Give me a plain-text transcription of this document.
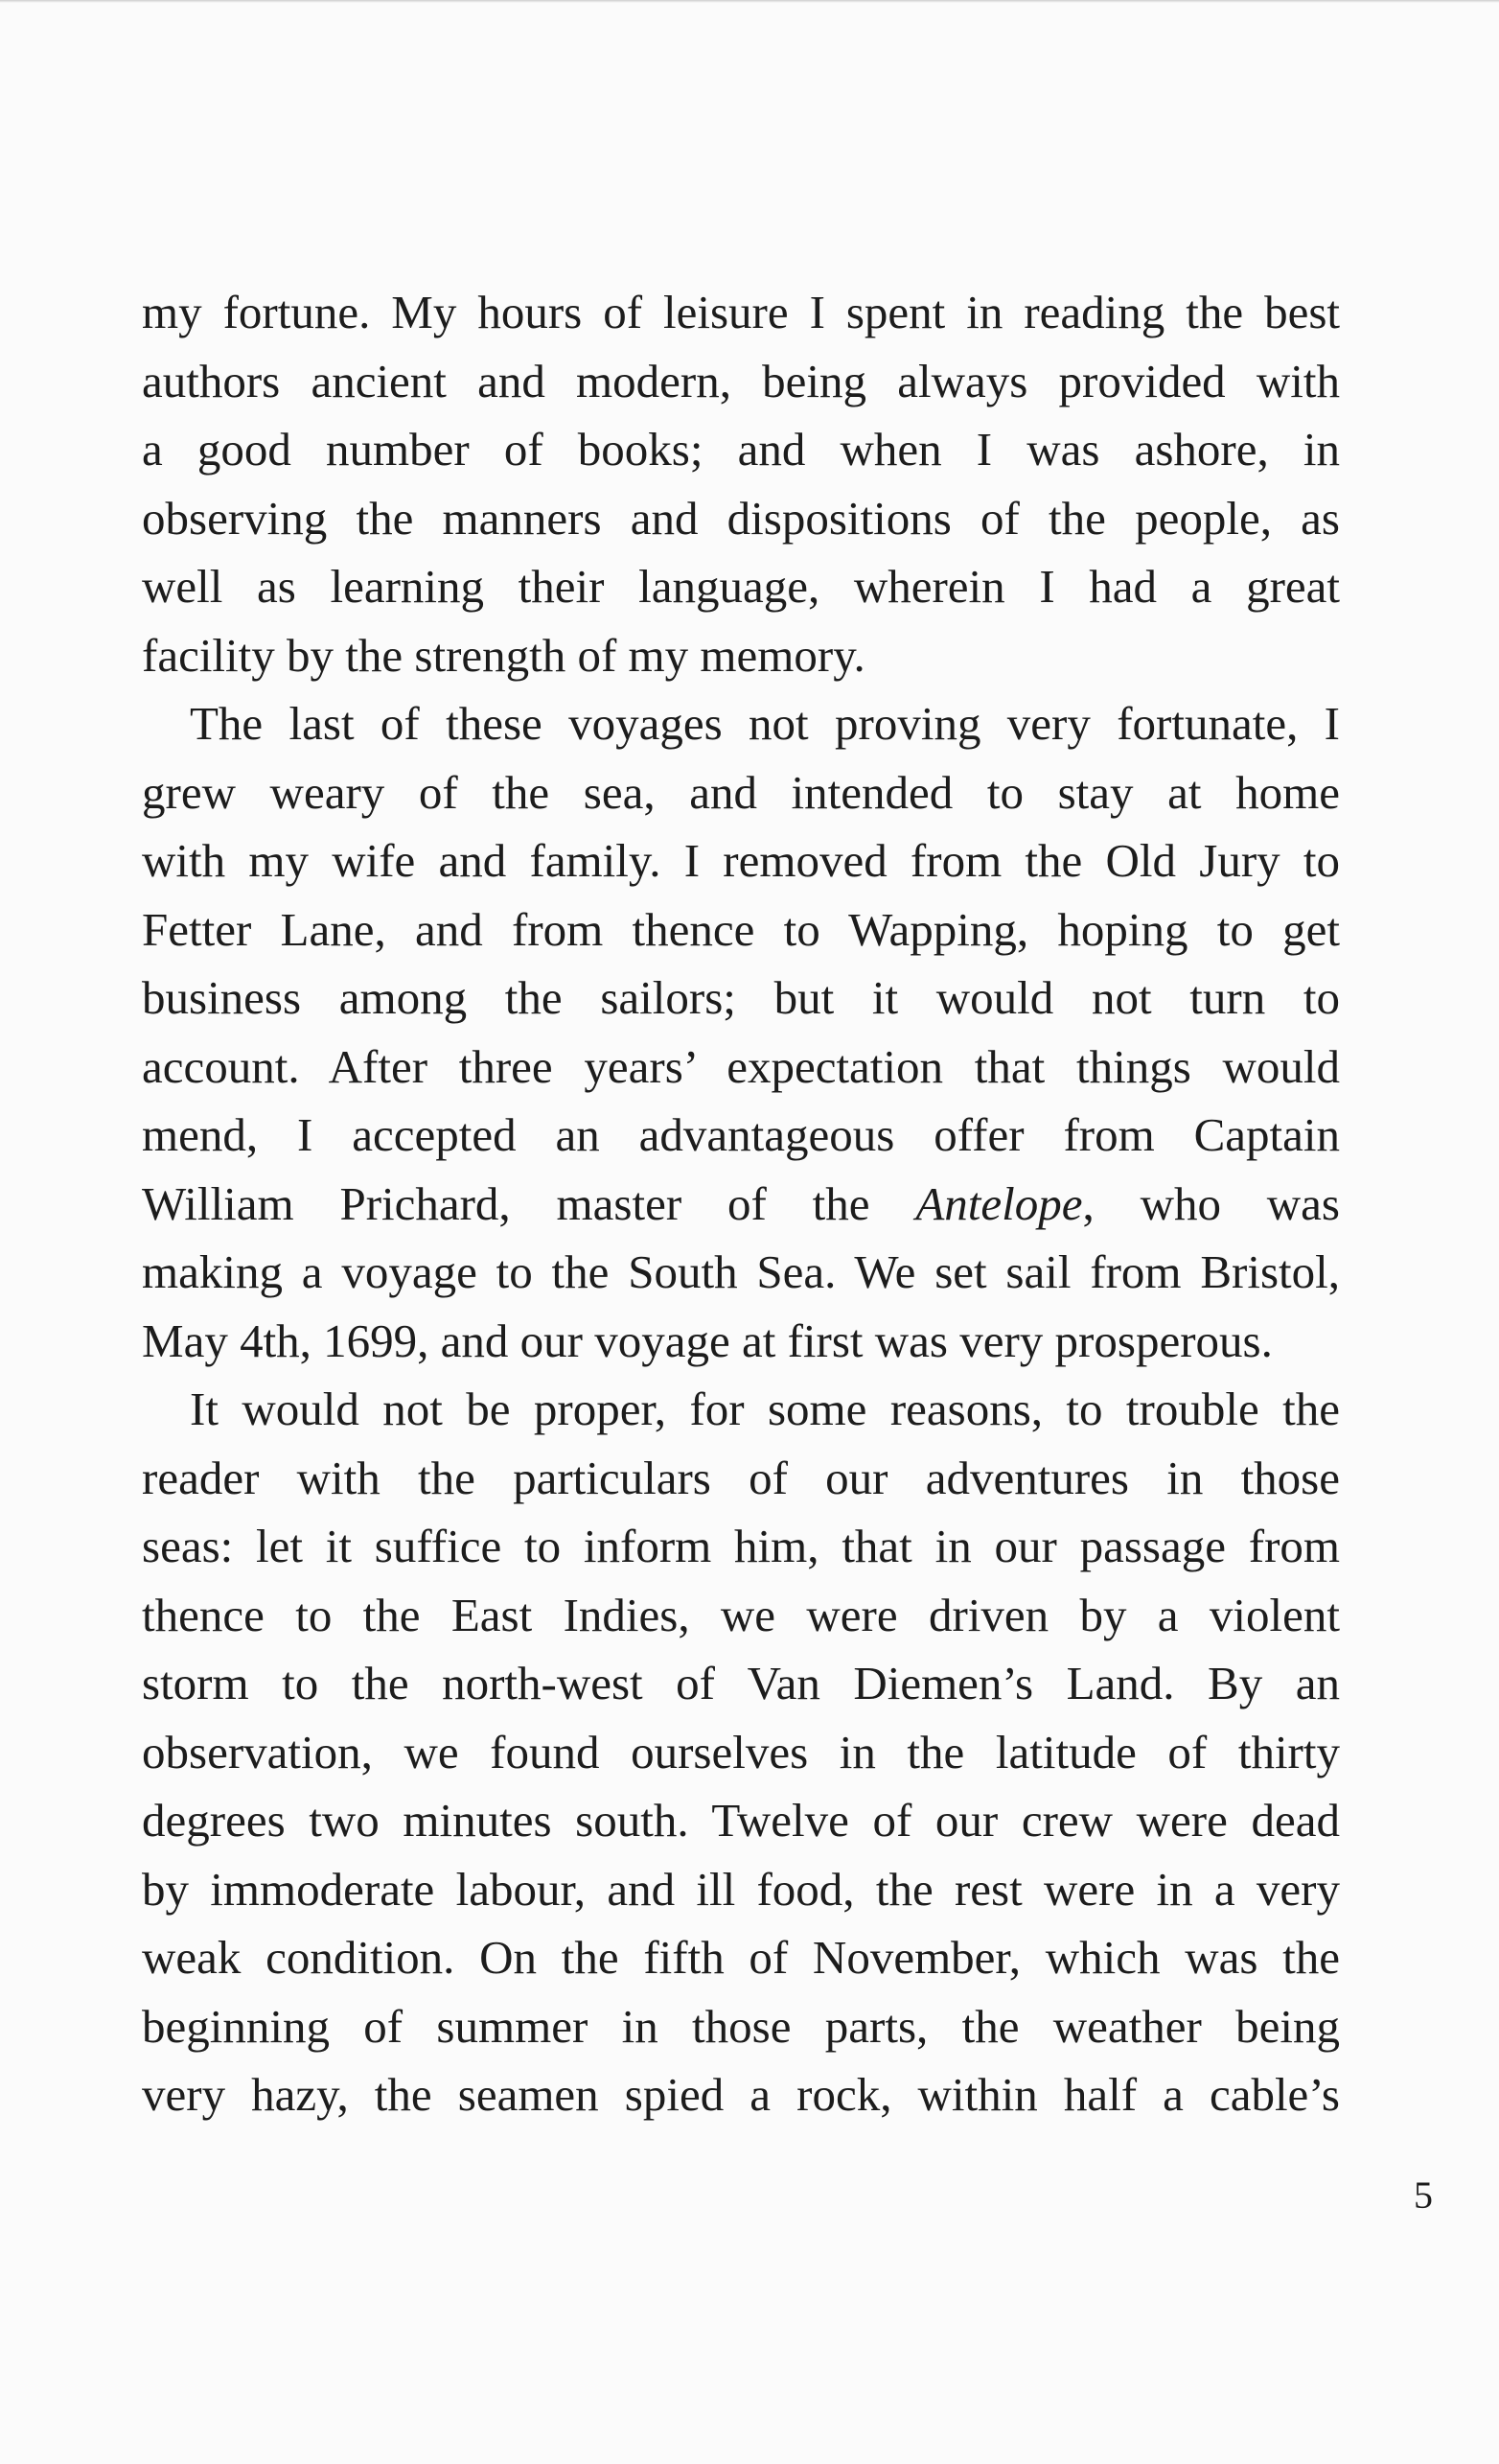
my fortune. My hours of leisure I spent in reading the best
authors ancient and modern, being always provided with
a good number of books; and when I was ashore, in
observing the manners and dispositions of the people, as
well as learning their language, wherein I had a great
facility by the strength of my memory.
The last of these voyages not proving very fortunate, I
grew weary of the sea, and intended to stay at home
with my wife and family. I removed from the Old Jury to
Fetter Lane, and from thence to Wapping, hoping to get
business among the sailors; but it would not turn to
account. After three years’ expectation that things would
mend, I accepted an advantageous offer from Captain
William Prichard, master of the Antelope, who was
making a voyage to the South Sea. We set sail from Bristol,
May 4th, 1699, and our voyage at first was very prosperous.
It would not be proper, for some reasons, to trouble the
reader with the particulars of our adventures in those
seas: let it suffice to inform him, that in our passage from
thence to the East Indies, we were driven by a violent
storm to the north-west of Van Diemen’s Land. By an
observation, we found ourselves in the latitude of thirty
degrees two minutes south. Twelve of our crew were dead
by immoderate labour, and ill food, the rest were in a very
weak condition. On the fifth of November, which was the
beginning of summer in those parts, the weather being
very hazy, the seamen spied a rock, within half a cable’s
5
